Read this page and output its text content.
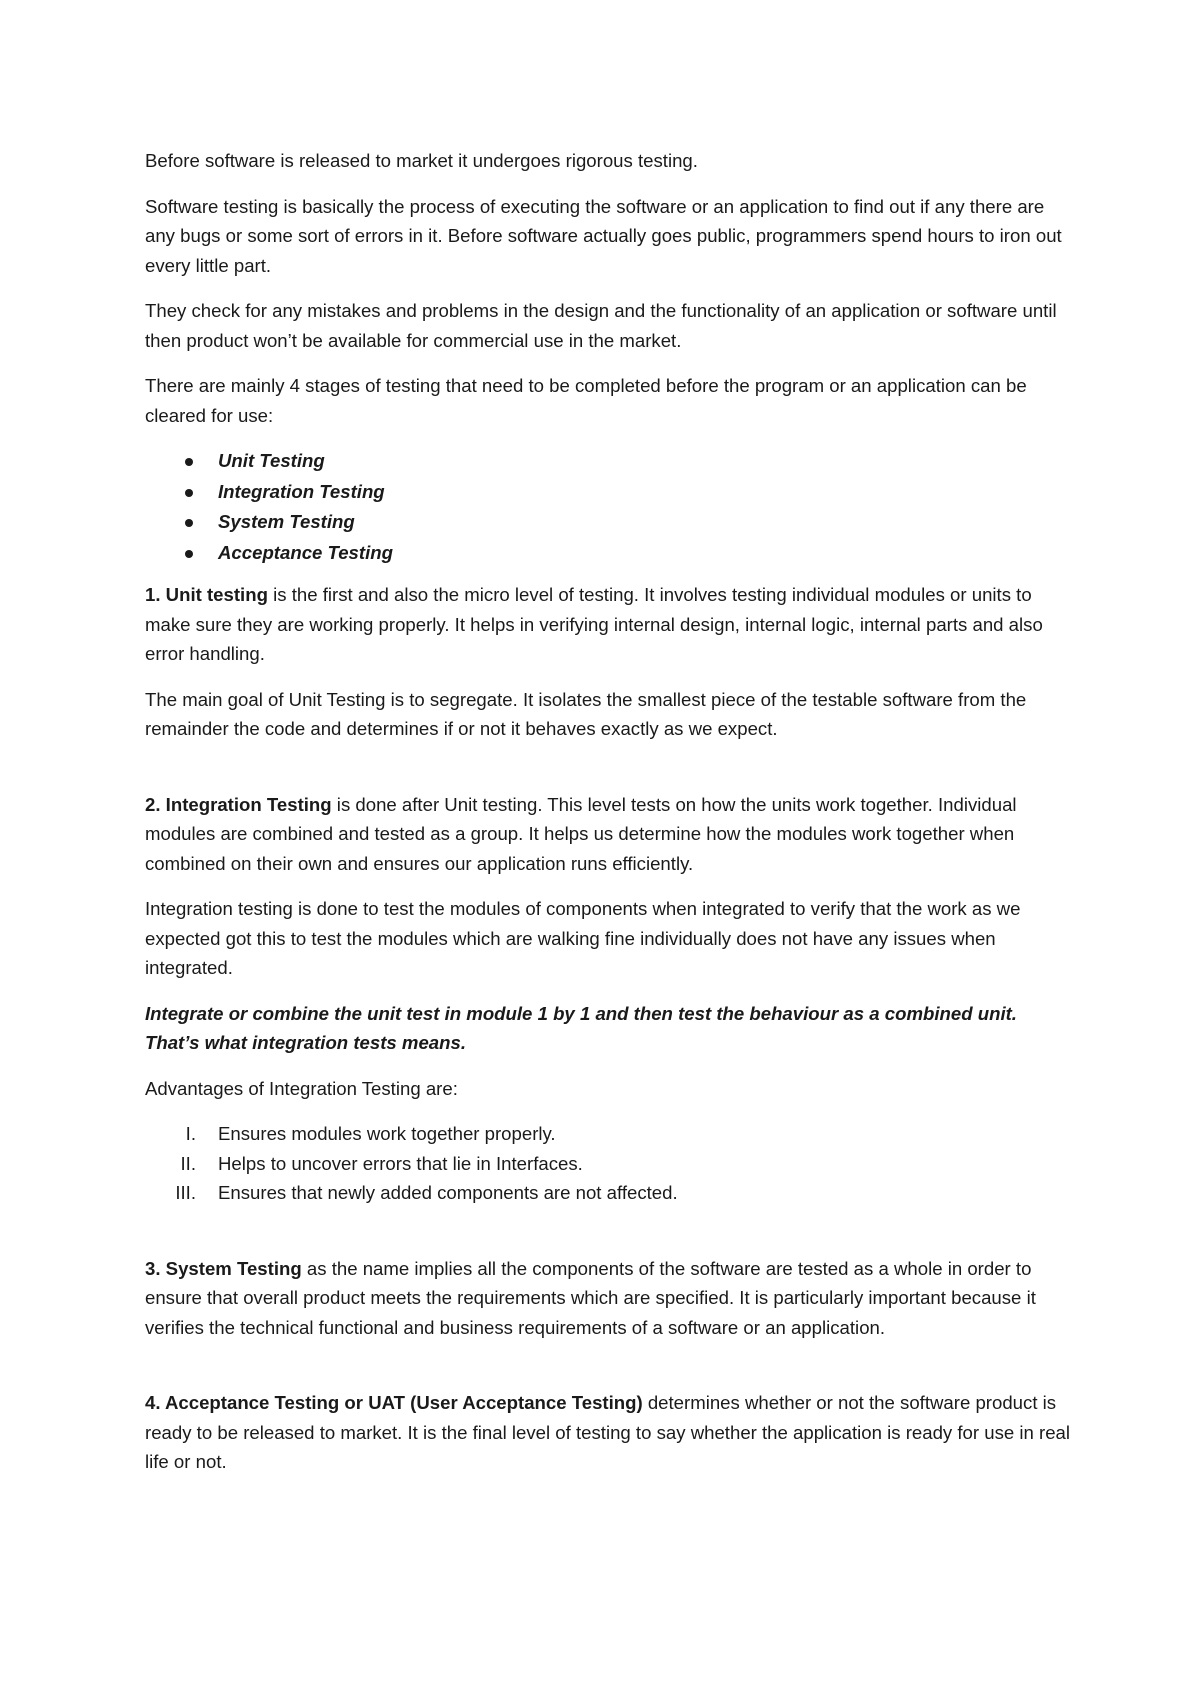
Before software is released to market it undergoes rigorous testing.

Software testing is basically the process of executing the software or an application to find out if any there are any bugs or some sort of errors in it. Before software actually goes public, programmers spend hours to iron out every little part.

They check for any mistakes and problems in the design and the functionality of an application or software until then product won’t be available for commercial use in the market.

There are mainly 4 stages of testing that need to be completed before the program or an application can be cleared for use:

Unit Testing
Integration Testing
System Testing
Acceptance Testing

1. Unit testing is the first and also the micro level of testing. It involves testing individual modules or units to make sure they are working properly. It helps in verifying internal design, internal logic, internal parts and also error handling.

The main goal of Unit Testing is to segregate. It isolates the smallest piece of the testable software from the remainder the code and determines if or not it behaves exactly as we expect.

2. Integration Testing is done after Unit testing. This level tests on how the units work together. Individual modules are combined and tested as a group. It helps us determine how the modules work together when combined on their own and ensures our application runs efficiently.

Integration testing is done to test the modules of components when integrated to verify that the work as we expected got this to test the modules which are walking fine individually does not have any issues when integrated.

Integrate or combine the unit test in module 1 by 1 and then test the behaviour as a combined unit. That’s what integration tests means.

Advantages of Integration Testing are:

I. Ensures modules work together properly.
II. Helps to uncover errors that lie in Interfaces.
III. Ensures that newly added components are not affected.

3. System Testing as the name implies all the components of the software are tested as a whole in order to ensure that overall product meets the requirements which are specified. It is particularly important because it verifies the technical functional and business requirements of a software or an application.

4. Acceptance Testing or UAT (User Acceptance Testing) determines whether or not the software product is ready to be released to market. It is the final level of testing to say whether the application is ready for use in real life or not.
